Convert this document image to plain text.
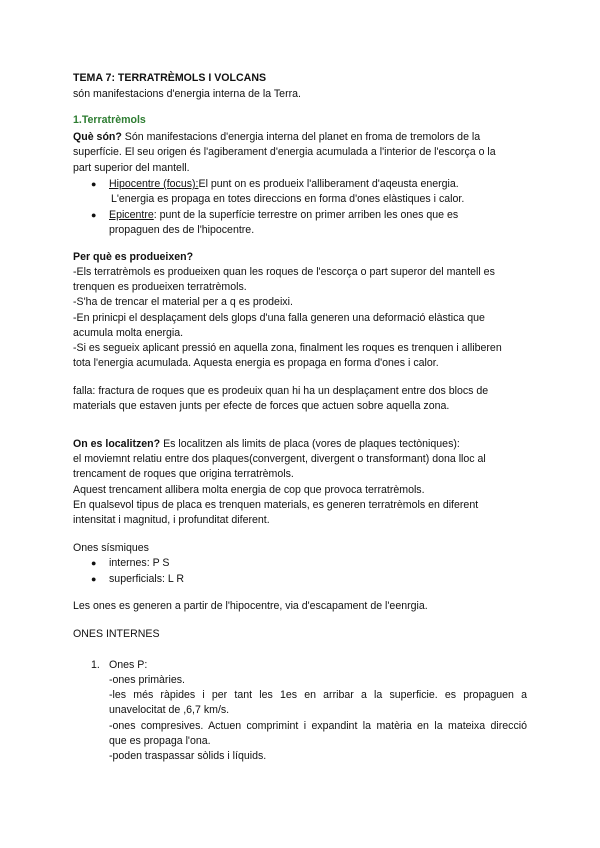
TEMA 7: TERRATRÈMOLS I VOLCANS
són manifestacions d'energia interna de la Terra.
1.Terratrèmols
Què són? Són manifestacions d'energia interna del planet en froma de tremolors de la
superfície. El seu origen és l'agiberament d'energia acumulada a l'interior de l'escorça o la
part superior del mantell.
● Hipocentre (focus):El punt on es produeix l'alliberament d'aqeusta energia.
L'energia es propaga en totes direccions en forma d'ones elàstiques i calor.
● Epicentre: punt de la superfície terrestre on primer arriben les ones que es
propaguen des de l'hipocentre.
Per què es produeixen?
-Els terratrèmols es produeixen quan les roques de l'escorça o part superor del mantell es
trenquen es produeixen terratrèmols.
-S'ha de trencar el material per a q es prodeixi.
-En prinicpi el desplaçament dels glops d'una falla generen una deformació elàstica que
acumula molta energia.
-Si es segueix aplicant pressió en aquella zona, finalment les roques es trenquen i alliberen
tota l'energia acumulada. Aquesta energia es propaga en forma d'ones i calor.
falla: fractura de roques que es prodeuix quan hi ha un desplaçament entre dos blocs de
materials que estaven junts per efecte de forces que actuen sobre aquella zona.
On es localitzen? Es localitzen als limits de placa (vores de plaques tectòniques):
el moviemnt relatiu entre dos plaques(convergent, divergent o transformant) dona lloc al
trencament de roques que origina terratrèmols.
Aquest trencament allibera molta energia de cop que provoca terratrèmols.
En qualsevol tipus de placa es trenquen materials, es generen terratrèmols en diferent
intensitat i magnitud, i profunditat diferent.
Ones sísmiques
● internes: P S
● superficials: L R
Les ones es generen a partir de l'hipocentre, via d'escapament de l'eenrgia.
ONES INTERNES
1. Ones P:
-ones primàries.
-les més ràpides i per tant les 1es en arribar a la superficie. es propaguen a
unavelocitat de ,6,7 km/s.
-ones compresives. Actuen comprimint i expandint la matèria en la mateixa direcció
que es propaga l'ona.
-poden traspassar sòlids i líquids.
